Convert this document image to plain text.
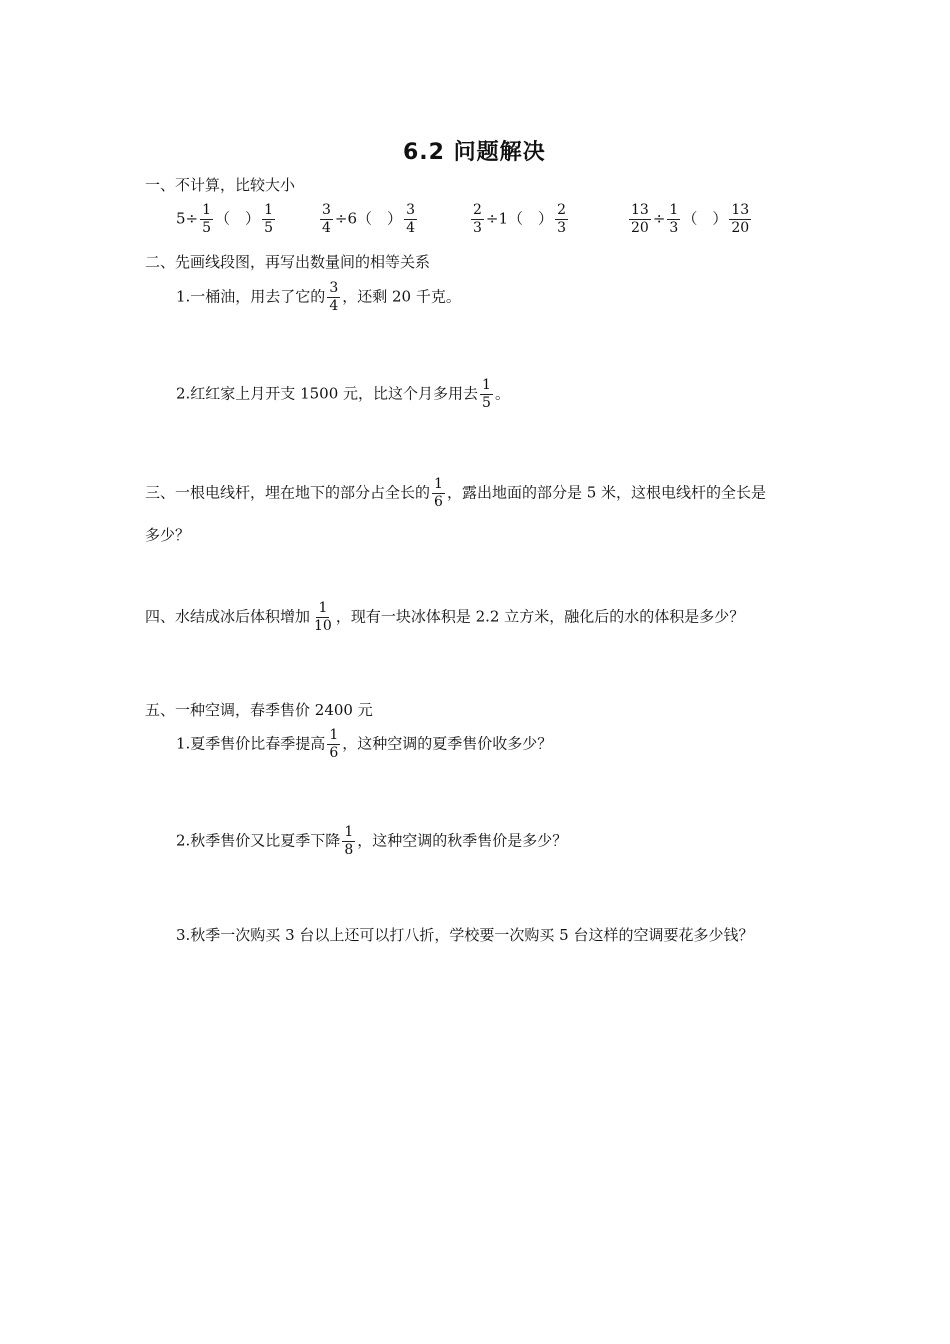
6.2 问题解决
一、不计算，比较大小
$5\div \frac{1}{5}$ （　） $\frac{1}{5}$	$\frac{3}{4} \div 6$（　） $\frac{3}{4}$	$\frac{2}{3} \div 1$（　） $\frac{2}{3}$	$\frac{13}{20} \div \frac{1}{3}$ （　） $\frac{13}{20}$
二、先画线段图，再写出数量间的相等关系
1.一桶油，用去了它的 $\frac{3}{4}$ ，还剩 20 千克。
2.红红家上月开支 1500 元，比这个月多用去 $\frac{1}{5}$ 。
三、一根电线杆，埋在地下的部分占全长的 $\frac{1}{6}$ ，露出地面的部分是 5 米，这根电线杆的全长是
多少？
四、水结成冰后体积增加 $\frac{1}{10}$ ，现有一块冰体积是 2.2 立方米，融化后的水的体积是多少？
五、一种空调，春季售价 2400 元
1.夏季售价比春季提高 $\frac{1}{6}$ ，这种空调的夏季售价收多少？
2.秋季售价又比夏季下降 $\frac{1}{8}$ ，这种空调的秋季售价是多少？
3.秋季一次购买 3 台以上还可以打八折，学校要一次购买 5 台这样的空调要花多少钱？
